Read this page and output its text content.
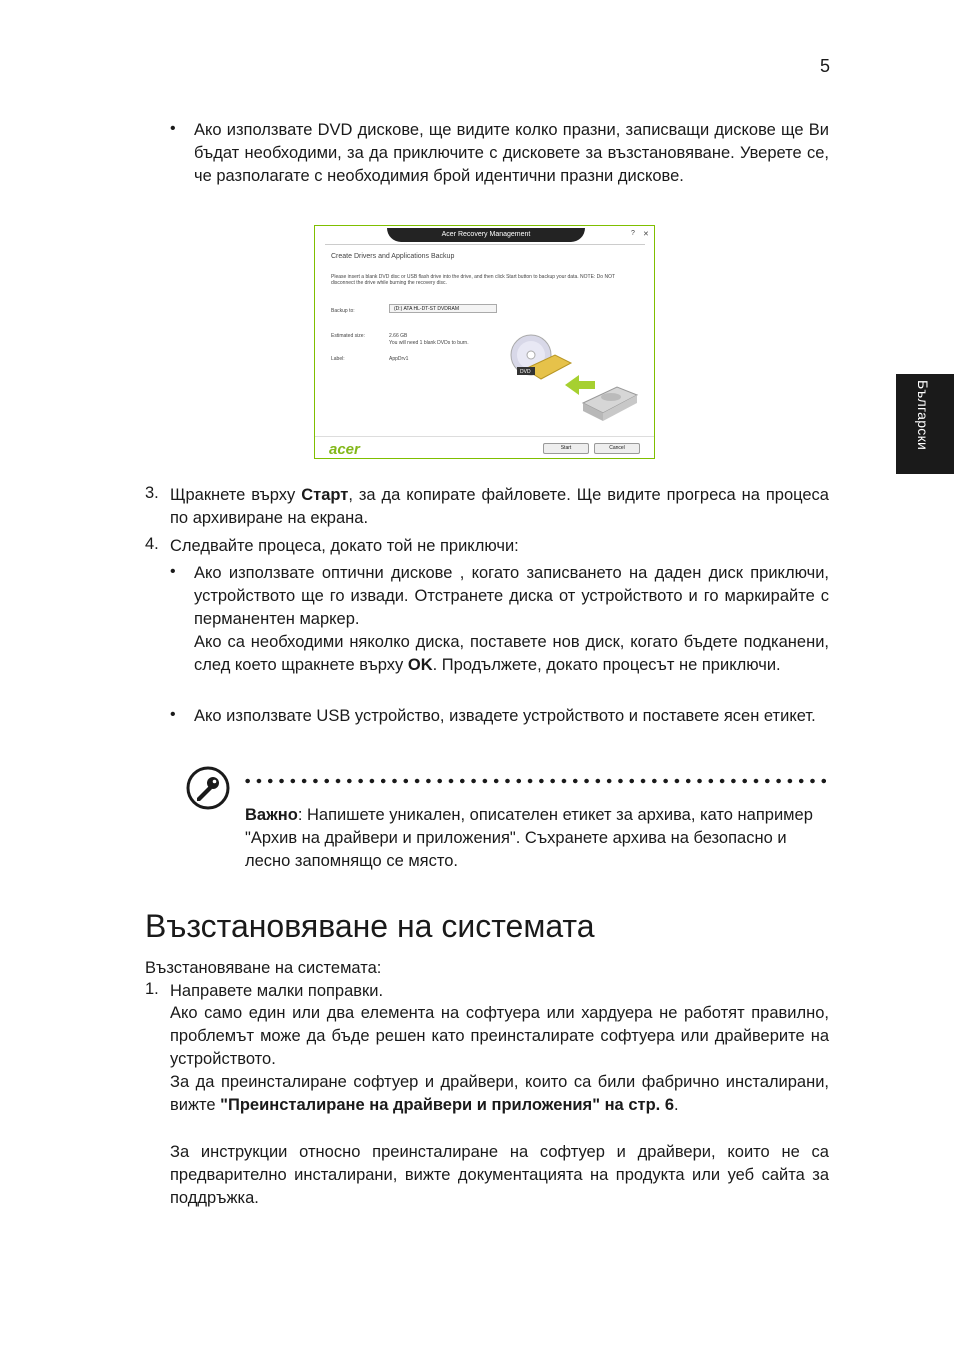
5
Български
• Ако използвате DVD дискове, ще видите колко празни, записващи дискове ще Ви бъдат необходими, за да приключите с дисковете за възстановяване. Уверете се, че разполагате с необходимия брой идентични празни дискове.
Acer Recovery Management	? ✕
Create Drivers and Applications Backup
Please insert a blank DVD disc or USB flash drive into the drive, and then click Start button to backup your data. NOTE: Do NOT disconnect the drive while burning the recovery disc.
Backup to:	(D:) ATA HL-DT-ST DVDRAM
Estimated size:	2.66 GB
You will need 1 blank DVDs to burn.
Label:	AppDrv1
DVD
acer	Start	Cancel
3. Щракнете върху Старт, за да копирате файловете. Ще видите прогреса на процеса по архивиране на екрана.
4. Следвайте процеса, докато той не приключи:
• Ако използвате оптични дискове , когато записването на даден диск приключи, устройството ще го извади. Отстранете диска от устройството и го маркирайте с перманентен маркер.
Ако са необходими няколко диска, поставете нов диск, когато бъдете подканени, след което щракнете върху OK. Продължете, докато процесът не приключи.
• Ако използвате USB устройство, извадете устройството и поставете ясен етикет.
Важно: Напишете уникален, описателен етикет за архива, като например "Архив на драйвери и приложения". Съхранете архива на безопасно и лесно запомнящо се място.
Възстановяване на системата
Възстановяване на системата:
1. Направете малки поправки.
Ако само един или два елемента на софтуера или хардуера не работят правилно, проблемът може да бъде решен като преинсталирате софтуера или драйверите на устройството.
За да преинсталиране софтуер и драйвери, които са били фабрично инсталирани, вижте "Преинсталиране на драйвери и приложения" на стр. 6.
За инструкции относно преинсталиране на софтуер и драйвери, които не са предварително инсталирани, вижте документацията на продукта или уеб сайта за поддръжка.
